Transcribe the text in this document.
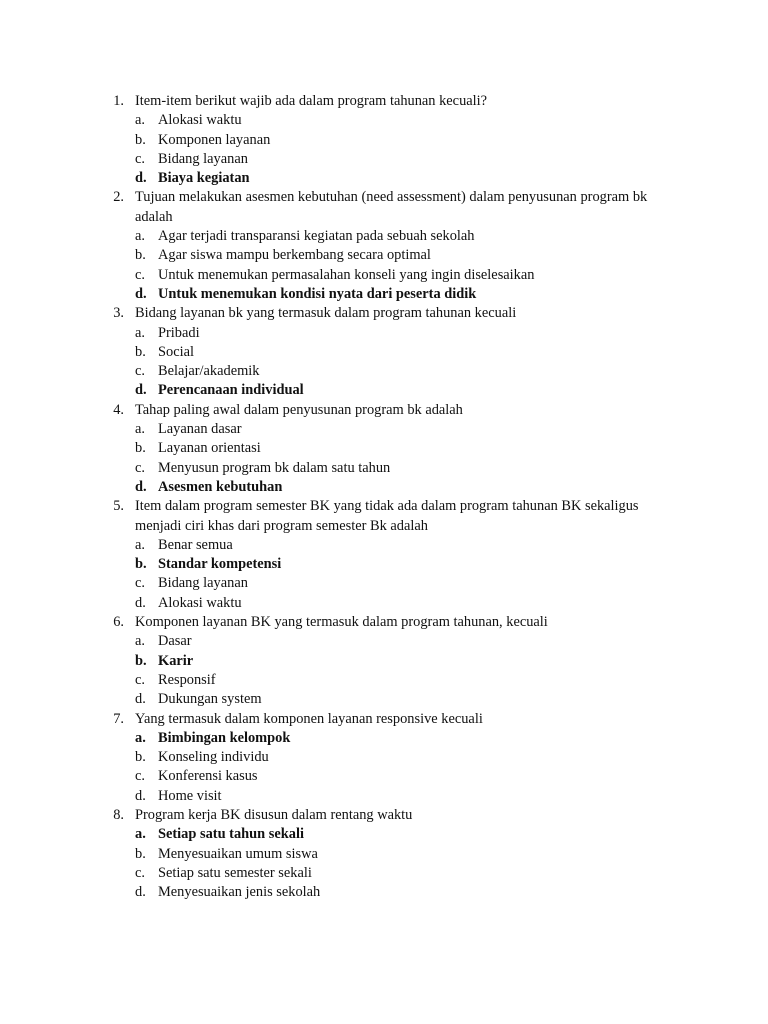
1. Item-item berikut wajib ada dalam program tahunan kecuali?
a. Alokasi waktu
b. Komponen layanan
c. Bidang layanan
d. Biaya kegiatan
2. Tujuan melakukan asesmen kebutuhan (need assessment) dalam penyusunan program bk adalah
a. Agar terjadi transparansi kegiatan pada sebuah sekolah
b. Agar siswa mampu berkembang secara optimal
c. Untuk menemukan permasalahan konseli yang ingin diselesaikan
d. Untuk menemukan kondisi nyata dari peserta didik
3. Bidang layanan bk yang termasuk dalam program tahunan kecuali
a. Pribadi
b. Social
c. Belajar/akademik
d. Perencanaan individual
4. Tahap paling awal dalam penyusunan program bk adalah
a. Layanan dasar
b. Layanan orientasi
c. Menyusun program bk dalam satu tahun
d. Asesmen kebutuhan
5. Item dalam program semester BK yang tidak ada dalam program tahunan BK sekaligus menjadi ciri khas dari program semester Bk adalah
a. Benar semua
b. Standar kompetensi
c. Bidang layanan
d. Alokasi waktu
6. Komponen layanan BK yang termasuk dalam program tahunan, kecuali
a. Dasar
b. Karir
c. Responsif
d. Dukungan system
7. Yang termasuk dalam komponen layanan responsive kecuali
a. Bimbingan kelompok
b. Konseling individu
c. Konferensi kasus
d. Home visit
8. Program kerja BK disusun dalam rentang waktu
a. Setiap satu tahun sekali
b. Menyesuaikan umum siswa
c. Setiap satu semester sekali
d. Menyesuaikan jenis sekolah
